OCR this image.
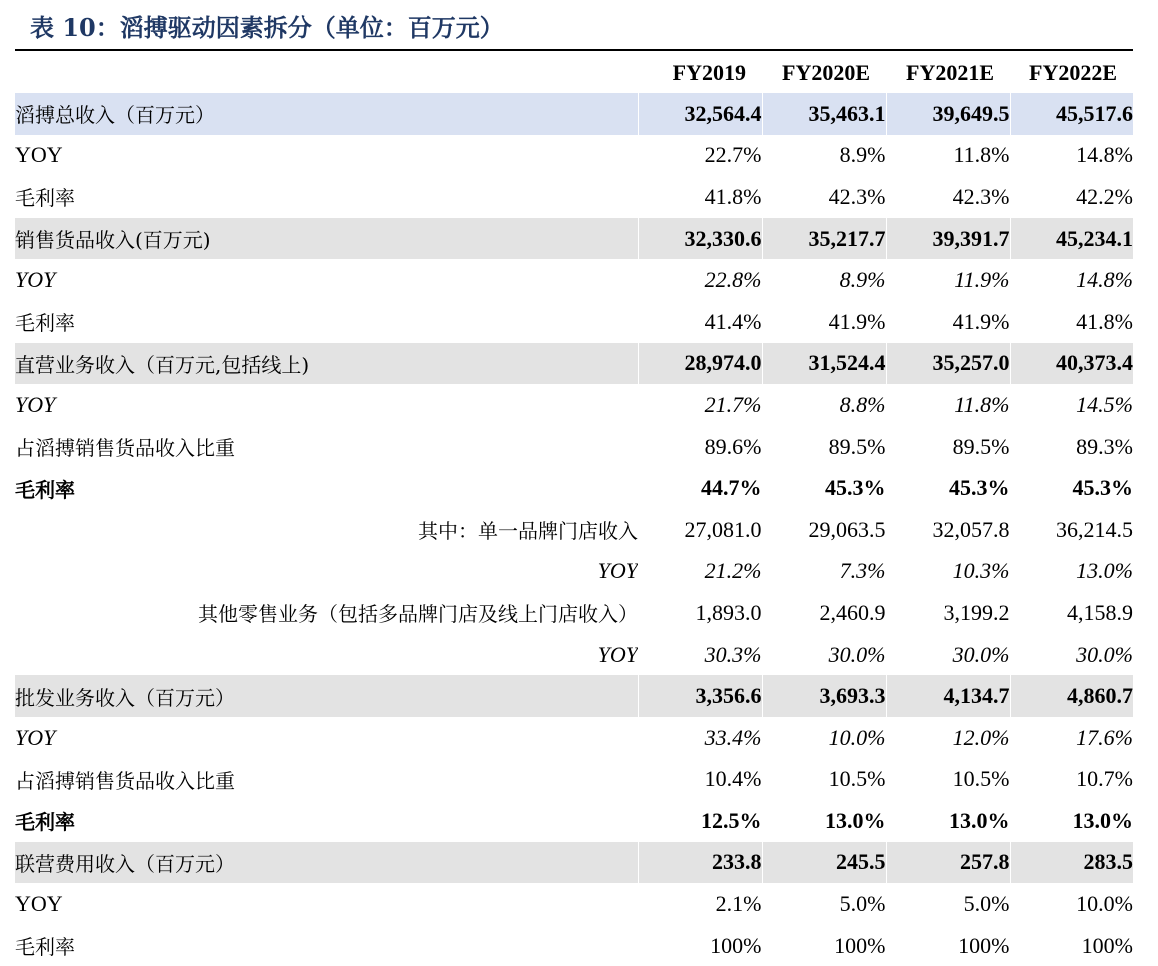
表 10：滔搏驱动因素拆分（单位：百万元）
	FY2019	FY2020E	FY2021E	FY2022E
滔搏总收入（百万元）	32,564.4	35,463.1	39,649.5	45,517.6
YOY	22.7%	8.9%	11.8%	14.8%
毛利率	41.8%	42.3%	42.3%	42.2%
销售货品收入(百万元)	32,330.6	35,217.7	39,391.7	45,234.1
YOY	22.8%	8.9%	11.9%	14.8%
毛利率	41.4%	41.9%	41.9%	41.8%
直营业务收入（百万元,包括线上)	28,974.0	31,524.4	35,257.0	40,373.4
YOY	21.7%	8.8%	11.8%	14.5%
占滔搏销售货品收入比重	89.6%	89.5%	89.5%	89.3%
毛利率	44.7%	45.3%	45.3%	45.3%
其中：单一品牌门店收入	27,081.0	29,063.5	32,057.8	36,214.5
YOY	21.2%	7.3%	10.3%	13.0%
其他零售业务（包括多品牌门店及线上门店收入）	1,893.0	2,460.9	3,199.2	4,158.9
YOY	30.3%	30.0%	30.0%	30.0%
批发业务收入（百万元）	3,356.6	3,693.3	4,134.7	4,860.7
YOY	33.4%	10.0%	12.0%	17.6%
占滔搏销售货品收入比重	10.4%	10.5%	10.5%	10.7%
毛利率	12.5%	13.0%	13.0%	13.0%
联营费用收入（百万元）	233.8	245.5	257.8	283.5
YOY	2.1%	5.0%	5.0%	10.0%
毛利率	100%	100%	100%	100%
